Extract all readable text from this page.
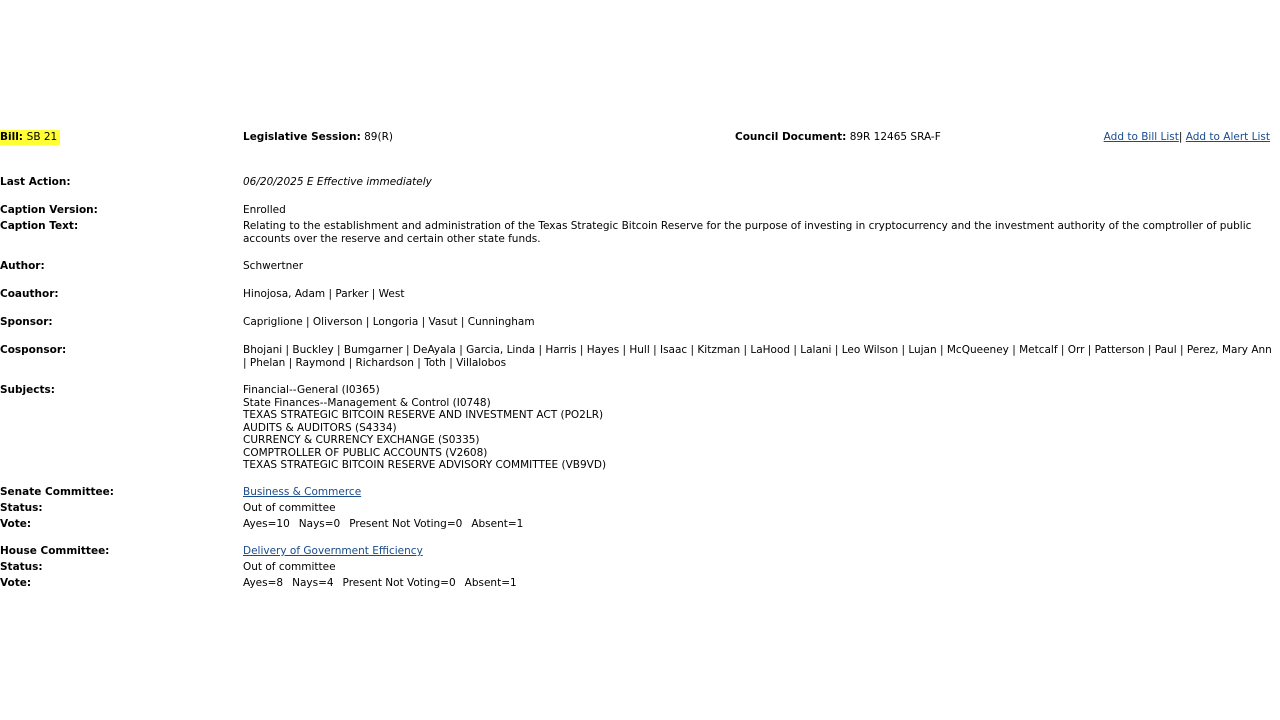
Bill: SB 21	Legislative Session: 89(R)	Council Document: 89R 12465 SRA-F	Add to Bill List| Add to Alert List
Last Action:	06/20/2025 E Effective immediately
Caption Version:	Enrolled
Caption Text:	Relating to the establishment and administration of the Texas Strategic Bitcoin Reserve for the purpose of investing in cryptocurrency and the investment authority of the comptroller of public accounts over the reserve and certain other state funds.
Author:	Schwertner
Coauthor:	Hinojosa, Adam | Parker | West
Sponsor:	Capriglione | Oliverson | Longoria | Vasut | Cunningham
Cosponsor:	Bhojani | Buckley | Bumgarner | DeAyala | Garcia, Linda | Harris | Hayes | Hull | Isaac | Kitzman | LaHood | Lalani | Leo Wilson | Lujan | McQueeney | Metcalf | Orr | Patterson | Paul | Perez, Mary Ann | Phelan | Raymond | Richardson | Toth | Villalobos
Subjects:	Financial--General (I0365)
State Finances--Management & Control (I0748)
TEXAS STRATEGIC BITCOIN RESERVE AND INVESTMENT ACT (PO2LR)
AUDITS & AUDITORS (S4334)
CURRENCY & CURRENCY EXCHANGE (S0335)
COMPTROLLER OF PUBLIC ACCOUNTS (V2608)
TEXAS STRATEGIC BITCOIN RESERVE ADVISORY COMMITTEE (VB9VD)
Senate Committee:	Business & Commerce
Status:	Out of committee
Vote:	Ayes=10 Nays=0 Present Not Voting=0 Absent=1
House Committee:	Delivery of Government Efficiency
Status:	Out of committee
Vote:	Ayes=8 Nays=4 Present Not Voting=0 Absent=1
